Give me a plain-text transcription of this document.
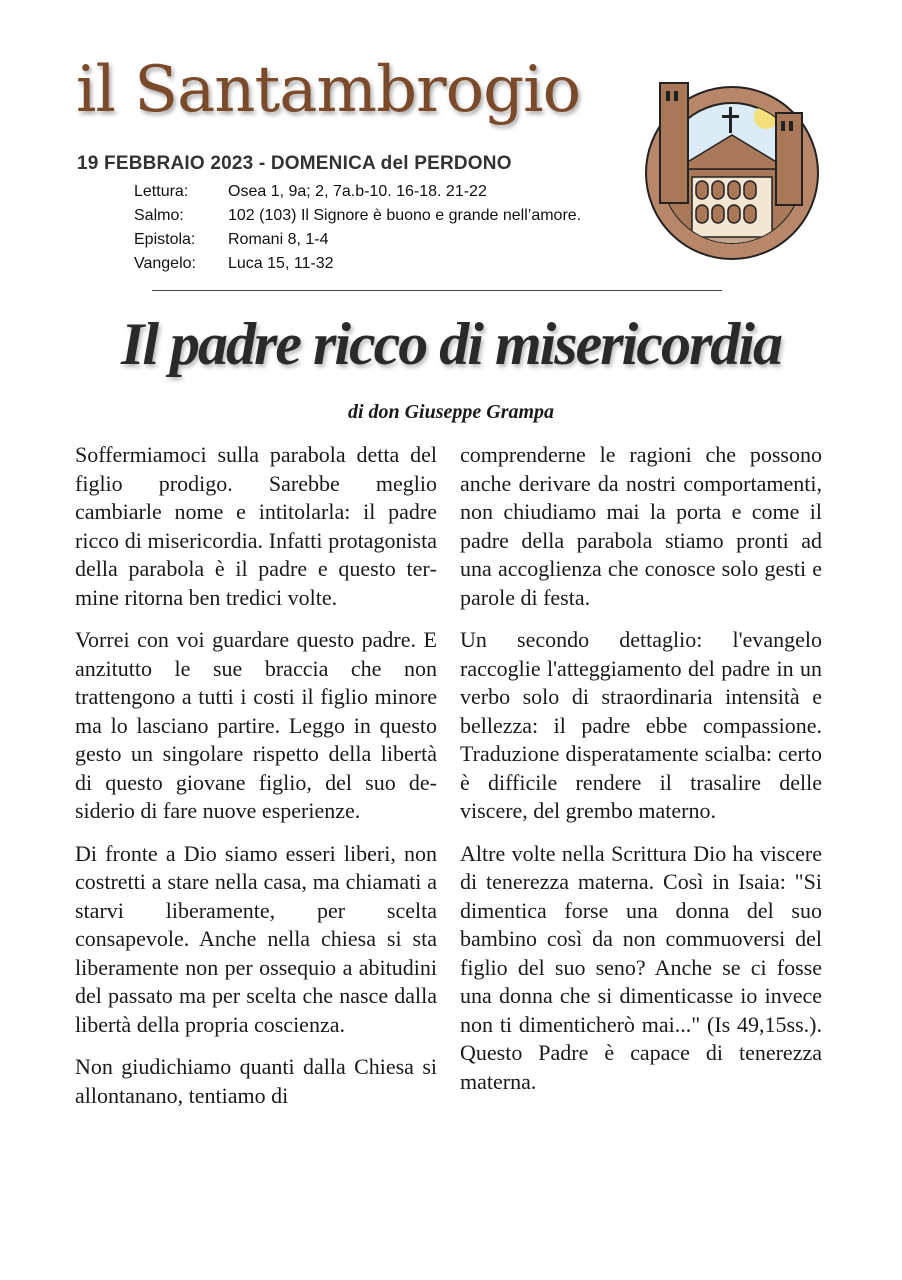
il Santambrogio
19 FEBBRAIO 2023 - DOMENICA del PERDONO
Lettura:	Osea 1, 9a; 2, 7a.b-10. 16-18. 21-22
Salmo:	102 (103) Il Signore è buono e grande nell’amore.
Epistola:	Romani 8, 1-4
Vangelo:	Luca 15, 11-32
Il padre ricco di misericordia
di don Giuseppe Grampa

Soffermiamoci sulla parabola detta del figlio prodigo. Sarebbe meglio cambiarle nome e intitolarla: il padre ricco di misericordia. Infatti protagonista della parabola è il padre e questo termine ritorna ben tredici volte.

Vorrei con voi guardare questo padre. E anzitutto le sue braccia che non trattengono a tutti i costi il figlio minore ma lo lasciano partire. Leggo in questo gesto un singolare rispetto della libertà di questo giovane figlio, del suo desiderio di fare nuove esperienze.

Di fronte a Dio siamo esseri liberi, non costretti a stare nella casa, ma chiamati a starvi liberamente, per scelta consapevole. Anche nella chiesa si sta liberamente non per ossequio a abitudini del passato ma per scelta che nasce dalla libertà della propria coscienza.

Non giudichiamo quanti dalla Chiesa si allontanano, tentiamo di

comprenderne le ragioni che possono anche derivare da nostri comportamenti, non chiudiamo mai la porta e come il padre della parabola stiamo pronti ad una accoglienza che conosce solo gesti e parole di festa.

Un secondo dettaglio: l'evangelo raccoglie l'atteggiamento del padre in un verbo solo di straordinaria intensità e bellezza: il padre ebbe compassione. Traduzione disperatamente scialba: certo è difficile rendere il trasalire delle viscere, del grembo materno.

Altre volte nella Scrittura Dio ha viscere di tenerezza materna. Così in Isaia: "Si dimentica forse una donna del suo bambino così da non commuoversi del figlio del suo seno? Anche se ci fosse una donna che si dimenticasse io invece non ti dimenticherò mai..." (Is 49,15ss.). Questo Padre è capace di tenerezza materna.
